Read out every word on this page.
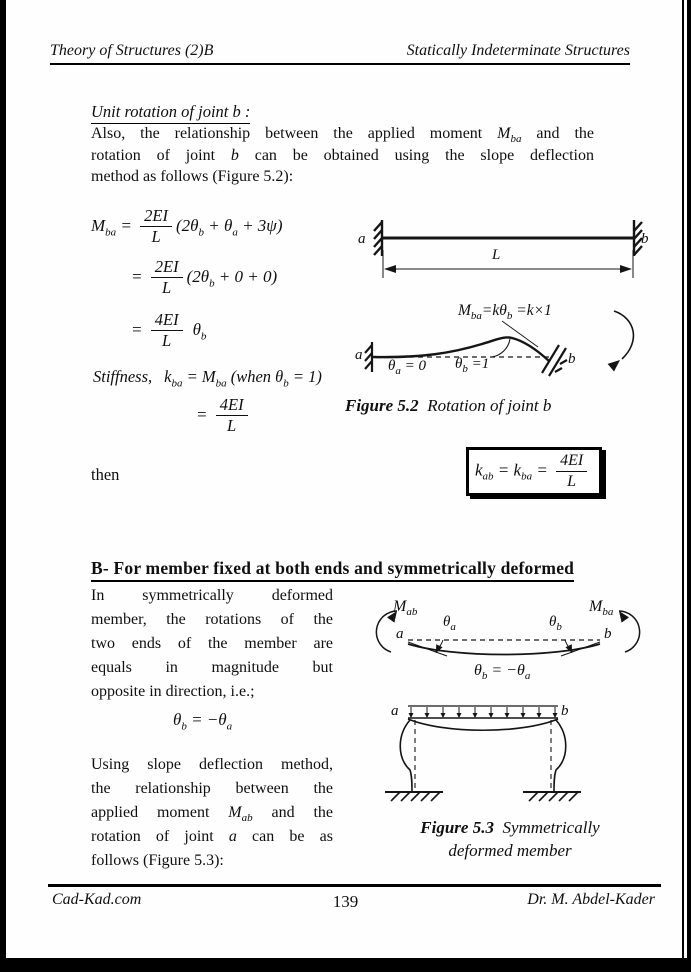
Theory of Structures (2)B	Statically Indeterminate Structures
Unit rotation of joint b :
Also, the relationship between the applied moment $M_{ba}$ and the
rotation of joint b can be obtained using the slope deflection
method as follows (Figure 5.2):
$M_{ba} = \frac{2EI}{L} (2\theta_b + \theta_a + 3\psi)$
= $\frac{2EI}{L} (2\theta_b + 0 + 0)$
= $\frac{4EI}{L} \theta_b$
Stiffness, $k_{ba} = M_{ba}$ (when $\theta_b = 1$)
= $\frac{4EI}{L}$
then	$k_{ab} = k_{ba} = \frac{4EI}{L}$
a	b
L
a	b
$M_{ba}=k\theta_b =k\times 1$
$\theta_a = 0$ $\theta_b =1$
Figure 5.2 Rotation of joint b
B- For member fixed at both ends and symmetrically deformed
In symmetrically deformed
member, the rotations of the
two ends of the member are
equals in magnitude but
opposite in direction, i.e.;
$\theta_b = -\theta_a$
Using slope deflection method,
the relationship between the
applied moment $M_{ab}$ and the
rotation of joint a can be as
follows (Figure 5.3):
$M_{ab}$	$M_{ba}$
a	b
$\theta_a$	$\theta_b$
$\theta_b = -\theta_a$
a	b
Figure 5.3 Symmetrically
deformed member
Cad-Kad.com	139	Dr. M. Abdel-Kader
